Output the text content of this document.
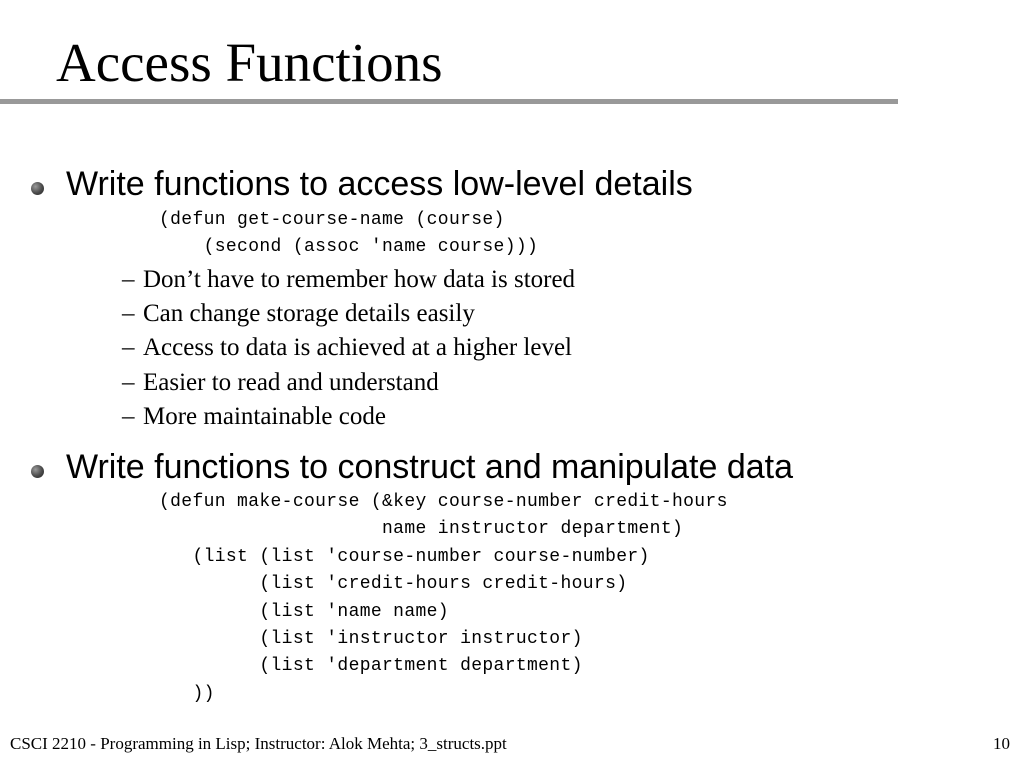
Access Functions
Write functions to access low-level details
(defun get-course-name (course)
(second (assoc 'name course)))
– Don’t have to remember how data is stored
– Can change storage details easily
– Access to data is achieved at a higher level
– Easier to read and understand
– More maintainable code
Write functions to construct and manipulate data
(defun make-course (&key course-number credit-hours
name instructor department)
(list (list 'course-number course-number)
(list 'credit-hours credit-hours)
(list 'name name)
(list 'instructor instructor)
(list 'department department)
))
CSCI 2210 - Programming in Lisp; Instructor: Alok Mehta; 3_structs.ppt	10
